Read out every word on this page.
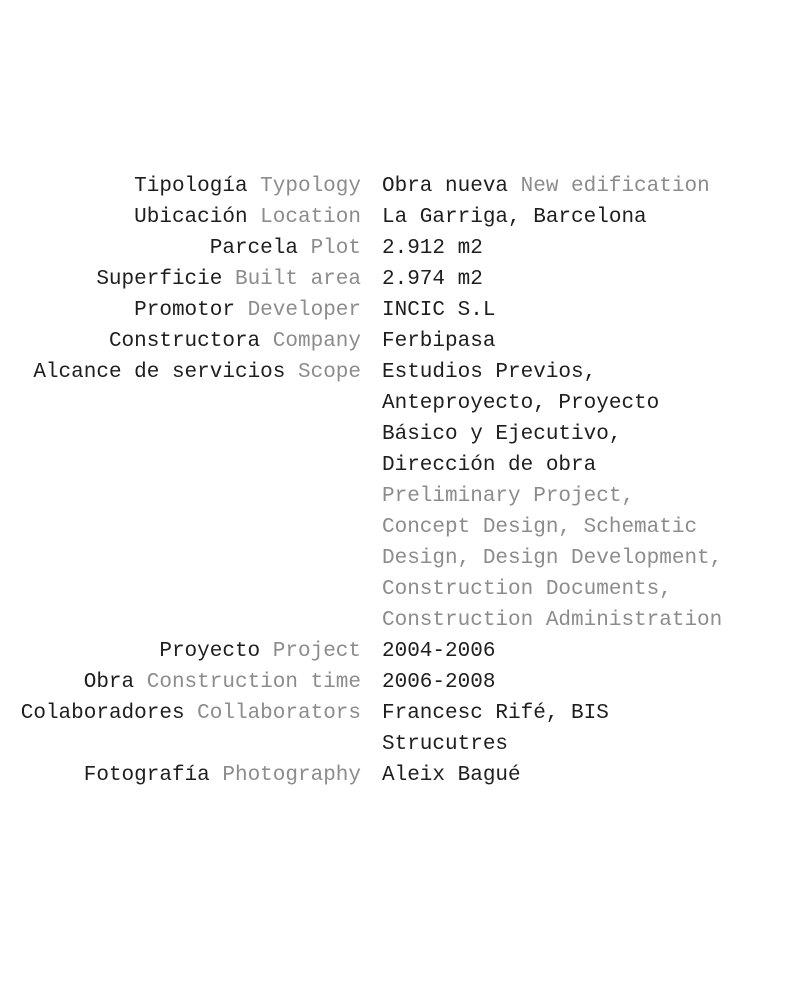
Tipología Typology Obra nueva New edification
Ubicación Location La Garriga, Barcelona
Parcela Plot 2.912 m2
Superficie Built area 2.974 m2
Promotor Developer INCIC S.L
Constructora Company Ferbipasa
Alcance de servicios Scope Estudios Previos,
Anteproyecto, Proyecto
Básico y Ejecutivo,
Dirección de obra
Preliminary Project,
Concept Design, Schematic
Design, Design Development,
Construction Documents,
Construction Administration
Proyecto Project 2004-2006
Obra Construction time 2006-2008
Colaboradores Collaborators Francesc Rifé, BIS
Strucutres
Fotografía Photography Aleix Bagué
